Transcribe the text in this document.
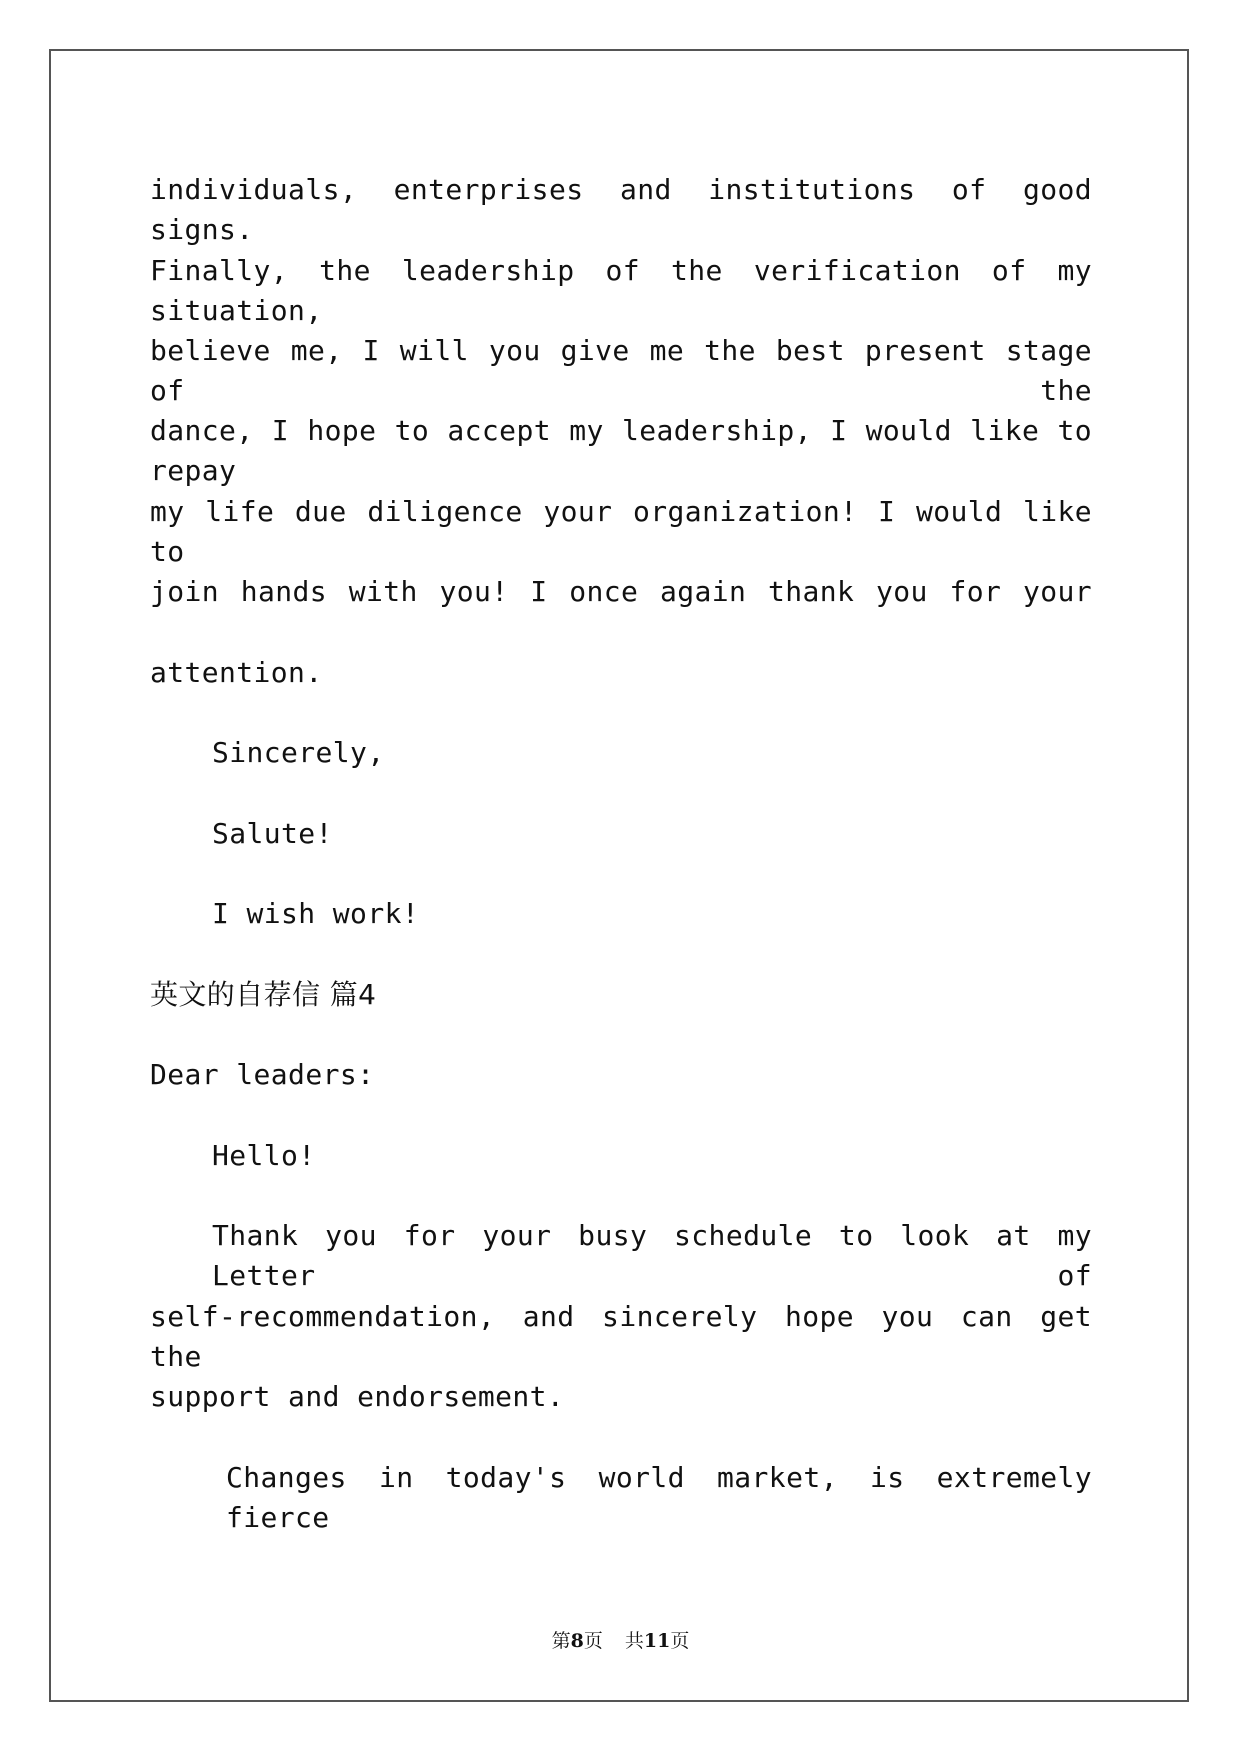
individuals, enterprises and institutions of good signs.
Finally, the leadership of the verification of my situation,
believe me, I will you give me the best present stage of the
dance, I hope to accept my leadership, I would like to repay
my life due diligence your organization! I would like to
join hands with you! I once again thank you for your
attention.
Sincerely,
Salute!
I wish work!
英文的自荐信 篇4
Dear leaders:
Hello!
Thank you for your busy schedule to look at my Letter of
self-recommendation, and sincerely hope you can get the
support and endorsement.
Changes in today's world market, is extremely fierce
第8页 共11页
